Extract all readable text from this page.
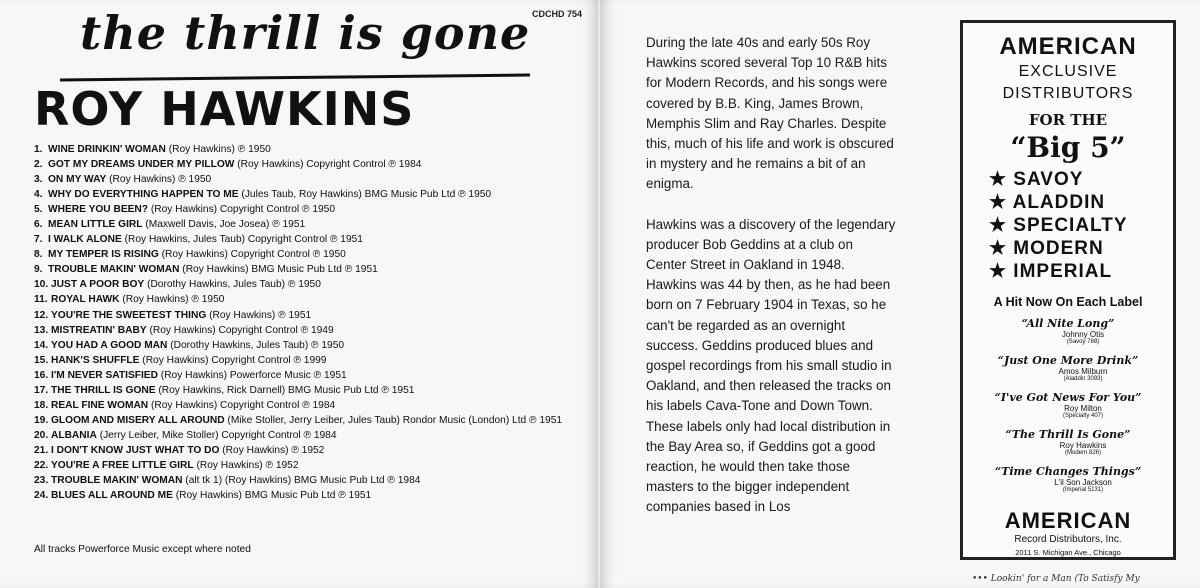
CDCHD 754
the thrill is gone
ROY HAWKINS
1. WINE DRINKIN' WOMAN (Roy Hawkins) ℗ 1950
2. GOT MY DREAMS UNDER MY PILLOW (Roy Hawkins) Copyright Control ℗ 1984
3. ON MY WAY (Roy Hawkins) ℗ 1950
4. WHY DO EVERYTHING HAPPEN TO ME (Jules Taub, Roy Hawkins) BMG Music Pub Ltd ℗ 1950
5. WHERE YOU BEEN? (Roy Hawkins) Copyright Control ℗ 1950
6. MEAN LITTLE GIRL (Maxwell Davis, Joe Josea) ℗ 1951
7. I WALK ALONE (Roy Hawkins, Jules Taub) Copyright Control ℗ 1951
8. MY TEMPER IS RISING (Roy Hawkins) Copyright Control ℗ 1950
9. TROUBLE MAKIN' WOMAN (Roy Hawkins) BMG Music Pub Ltd ℗ 1951
10. JUST A POOR BOY (Dorothy Hawkins, Jules Taub) ℗ 1950
11. ROYAL HAWK (Roy Hawkins) ℗ 1950
12. YOU'RE THE SWEETEST THING (Roy Hawkins) ℗ 1951
13. MISTREATIN' BABY (Roy Hawkins) Copyright Control ℗ 1949
14. YOU HAD A GOOD MAN (Dorothy Hawkins, Jules Taub) ℗ 1950
15. HANK'S SHUFFLE (Roy Hawkins) Copyright Control ℗ 1999
16. I'M NEVER SATISFIED (Roy Hawkins) Powerforce Music ℗ 1951
17. THE THRILL IS GONE (Roy Hawkins, Rick Darnell) BMG Music Pub Ltd ℗ 1951
18. REAL FINE WOMAN (Roy Hawkins) Copyright Control ℗ 1984
19. GLOOM AND MISERY ALL AROUND (Mike Stoller, Jerry Leiber, Jules Taub) Rondor Music (London) Ltd ℗ 1951
20. ALBANIA (Jerry Leiber, Mike Stoller) Copyright Control ℗ 1984
21. I DON'T KNOW JUST WHAT TO DO (Roy Hawkins) ℗ 1952
22. YOU'RE A FREE LITTLE GIRL (Roy Hawkins) ℗ 1952
23. TROUBLE MAKIN' WOMAN (alt tk 1) (Roy Hawkins) BMG Music Pub Ltd ℗ 1984
24. BLUES ALL AROUND ME (Roy Hawkins) BMG Music Pub Ltd ℗ 1951
All tracks Powerforce Music except where noted

During the late 40s and early 50s Roy Hawkins scored several Top 10 R&B hits for Modern Records, and his songs were covered by B.B. King, James Brown, Memphis Slim and Ray Charles. Despite this, much of his life and work is obscured in mystery and he remains a bit of an enigma.

Hawkins was a discovery of the legendary producer Bob Geddins at a club on Center Street in Oakland in 1948. Hawkins was 44 by then, as he had been born on 7 February 1904 in Texas, so he can't be regarded as an overnight success. Geddins produced blues and gospel recordings from his small studio in Oakland, and then released the tracks on his labels Cava-Tone and Down Town. These labels only had local distribution in the Bay Area so, if Geddins got a good reaction, he would then take those masters to the bigger independent companies based in Los

AMERICAN
EXCLUSIVE
DISTRIBUTORS
FOR THE
“Big 5”
★ SAVOY
★ ALADDIN
★ SPECIALTY
★ MODERN
★ IMPERIAL
A Hit Now On Each Label
“All Nite Long”
Johnny Otis
(Savoy 788)
“Just One More Drink”
Amos Milburn
(Aladdin 3093)
“I've Got News For You”
Roy Milton
(Specialty 407)
“The Thrill Is Gone”
Roy Hawkins
(Modern 826)
“Time Changes Things”
L'il Son Jackson
(Imperial 5131)
AMERICAN
Record Distributors, Inc.
2011 S. Michigan Ave., Chicago
••• Lookin' for a Man (To Satisfy My
